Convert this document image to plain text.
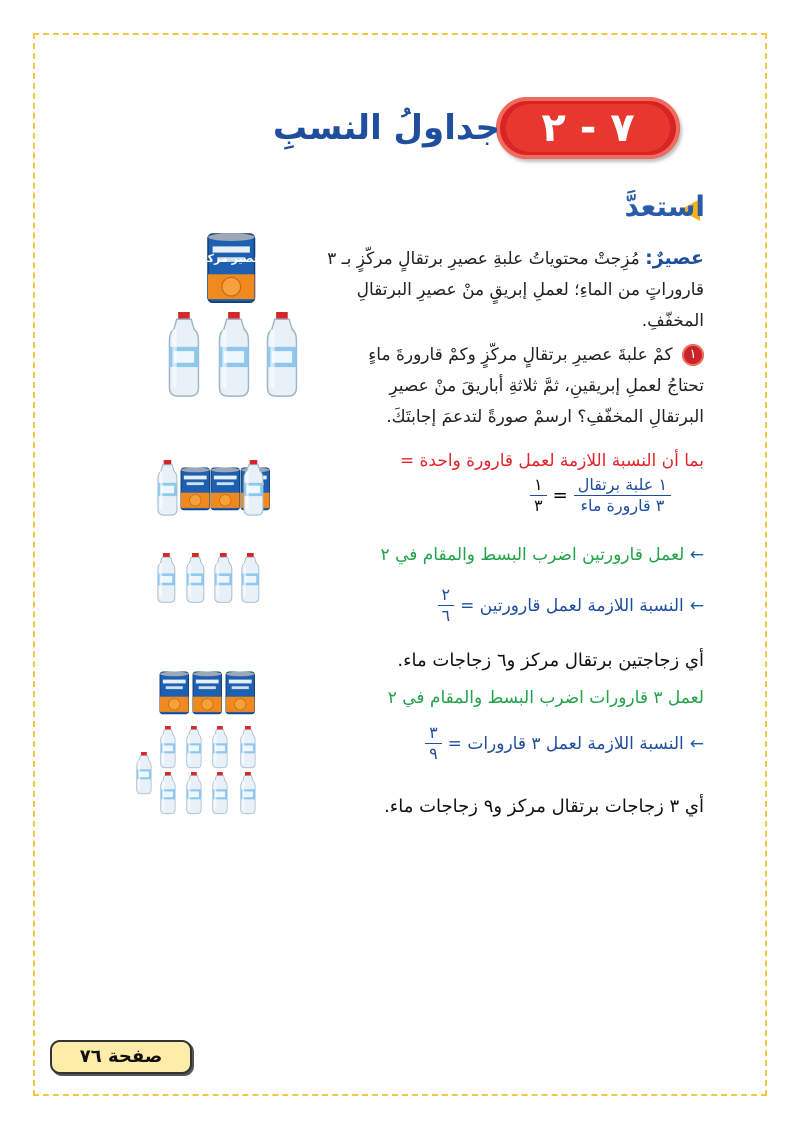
٧ - ٢
جداولُ النسبِ
استعدَّ
عصيرٌ: مُزِجتْ محتوياتُ علبةِ عصيرِ برتقالٍ مركّزٍ بـ ٣ قاروراتٍ من الماءِ؛ لعملِ إبريقٍ منْ عصيرِ البرتقالِ المخفّفِ.
١ كمْ علبةَ عصيرِ برتقالٍ مركّزٍ وكمْ قارورةَ ماءٍ تحتاجُ لعملِ إبريقينِ، ثمَّ ثلاثةِ أباريقَ منْ عصيرِ البرتقالِ المخفّفِ؟ ارسمْ صورةً لتدعمَ إجابتَكَ.
عصير مركز
بما أن النسبة اللازمة لعمل قارورة واحدة =
$\frac{١}{٣} = \frac{\text{١ علبة برتقال}}{\text{٣ قارورة ماء}}$
← لعمل قارورتين اضرب البسط والمقام في ٢
←
النسبة اللازمة لعمل قارورتين =
$\frac{٢}{٦}$
أي زجاجتين برتقال مركز و٦ زجاجات ماء.
لعمل ٣ قارورات اضرب البسط والمقام في ٢
←
النسبة اللازمة لعمل ٣ قارورات =
$\frac{٣}{٩}$
أي ٣ زجاجات برتقال مركز و٩ زجاجات ماء.
صفحة ٧٦
